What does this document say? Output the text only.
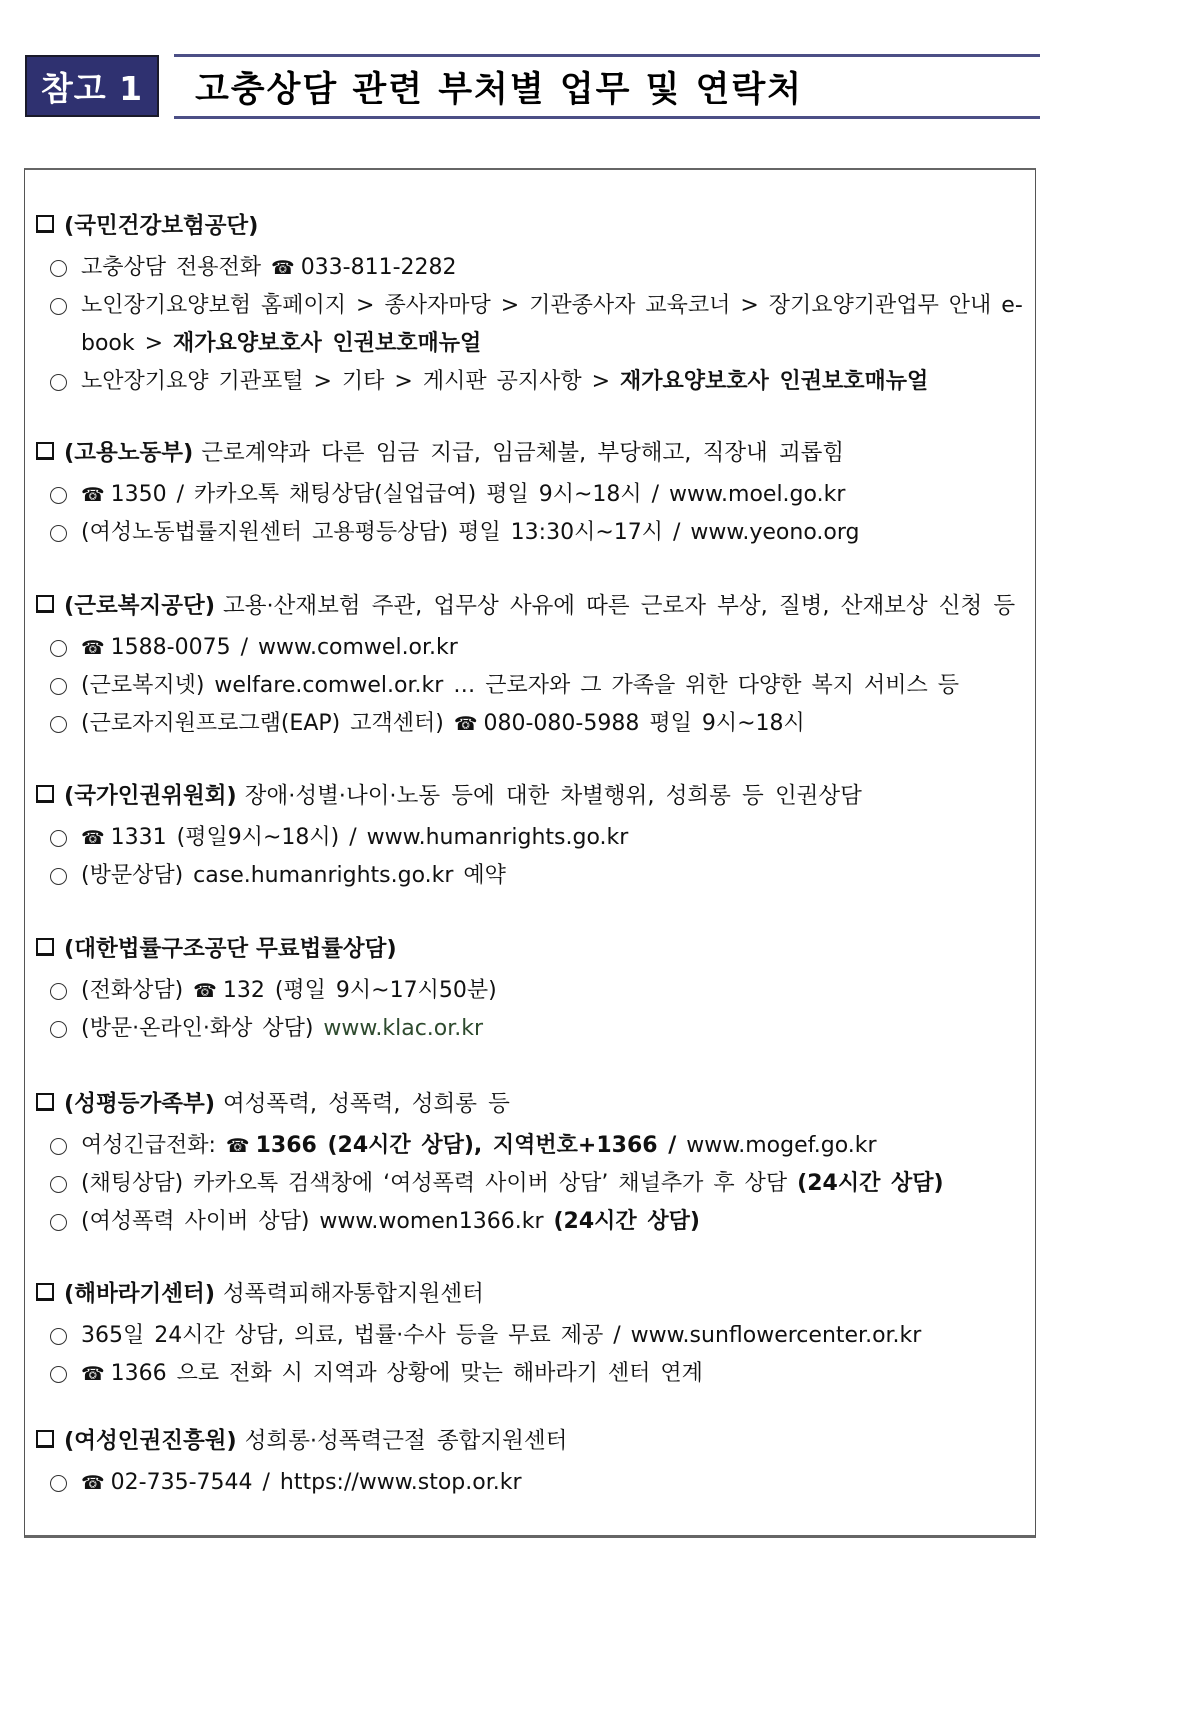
참고 1	고충상담 관련 부처별 업무 및 연락처
(국민건강보험공단)
고충상담 전용전화 ☎ 033-811-2282
노인장기요양보험 홈페이지 > 종사자마당 > 기관종사자 교육코너 > 장기요양기관업무 안내 e-book > 재가요양보호사 인권보호매뉴얼
노안장기요양 기관포털 > 기타 > 게시판 공지사항 > 재가요양보호사 인권보호매뉴얼
(고용노동부) 근로계약과 다른 임금 지급, 임금체불, 부당해고, 직장내 괴롭힘
☎ 1350 / 카카오톡 채팅상담(실업급여) 평일 9시~18시 / www.moel.go.kr
(여성노동법률지원센터 고용평등상담) 평일 13:30시~17시 / www.yeono.org
(근로복지공단) 고용·산재보험 주관, 업무상 사유에 따른 근로자 부상, 질병, 산재보상 신청 등
☎ 1588-0075 / www.comwel.or.kr
(근로복지넷) welfare.comwel.or.kr … 근로자와 그 가족을 위한 다양한 복지 서비스 등
(근로자지원프로그램(EAP) 고객센터) ☎ 080-080-5988 평일 9시~18시
(국가인권위원회) 장애·성별·나이·노동 등에 대한 차별행위, 성희롱 등 인권상담
☎ 1331 (평일9시~18시) / www.humanrights.go.kr
(방문상담) case.humanrights.go.kr 예약
(대한법률구조공단 무료법률상담)
(전화상담) ☎ 132 (평일 9시~17시50분)
(방문·온라인·화상 상담) www.klac.or.kr
(성평등가족부) 여성폭력, 성폭력, 성희롱 등
여성긴급전화: ☎ 1366 (24시간 상담), 지역번호+1366 / www.mogef.go.kr
(채팅상담) 카카오톡 검색창에 ‘여성폭력 사이버 상담’ 채널추가 후 상담 (24시간 상담)
(여성폭력 사이버 상담) www.women1366.kr (24시간 상담)
(해바라기센터) 성폭력피해자통합지원센터
365일 24시간 상담, 의료, 법률·수사 등을 무료 제공 / www.sunflowercenter.or.kr
☎ 1366 으로 전화 시 지역과 상황에 맞는 해바라기 센터 연계
(여성인권진흥원) 성희롱·성폭력근절 종합지원센터
☎ 02-735-7544 / https://www.stop.or.kr
